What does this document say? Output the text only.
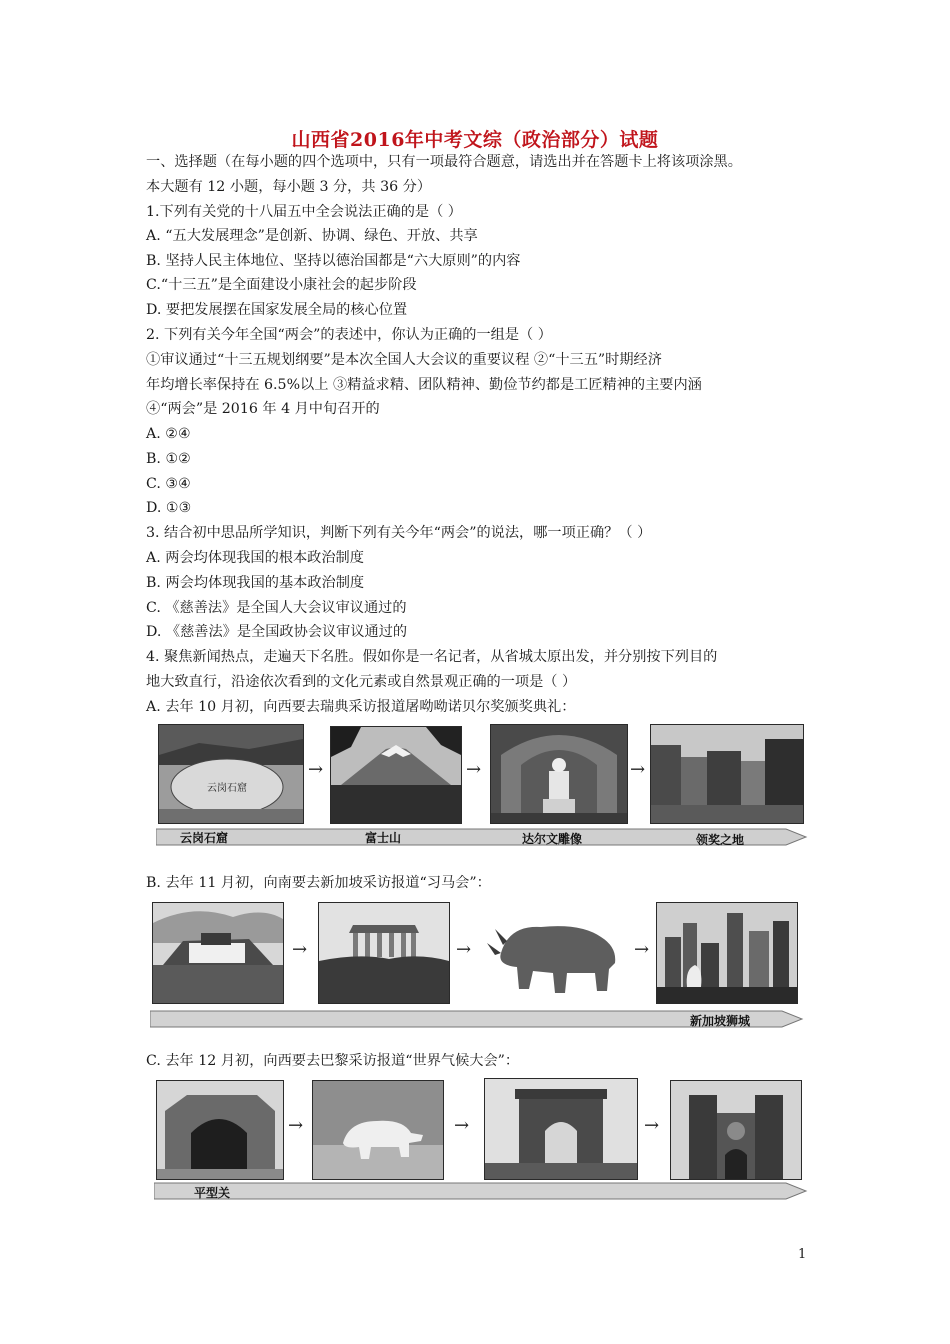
山西省2016年中考文综（政治部分）试题
一、选择题（在每小题的四个选项中，只有一项最符合题意，请选出并在答题卡上将该项涂黑。
本大题有 12 小题，每小题 3 分，共 36 分）
1.下列有关党的十八届五中全会说法正确的是（ ）
A. “五大发展理念”是创新、协调、绿色、开放、共享
B. 坚持人民主体地位、坚持以德治国都是“六大原则”的内容
C.“十三五”是全面建设小康社会的起步阶段
D. 要把发展摆在国家发展全局的核心位置
2. 下列有关今年全国“两会”的表述中，你认为正确的一组是（ ）
①审议通过“十三五规划纲要”是本次全国人大会议的重要议程 ②“十三五”时期经济
年均增长率保持在 6.5%以上 ③精益求精、团队精神、勤俭节约都是工匠精神的主要内涵
④“两会”是 2016 年 4 月中旬召开的
A. ②④
B. ①②
C. ③④
D. ①③
3. 结合初中思品所学知识，判断下列有关今年“两会”的说法，哪一项正确？（ ）
A. 两会均体现我国的根本政治制度
B. 两会均体现我国的基本政治制度
C. 《慈善法》是全国人大会议审议通过的
D. 《慈善法》是全国政协会议审议通过的
4. 聚焦新闻热点，走遍天下名胜。假如你是一名记者，从省城太原出发，并分别按下列目的
地大致直行，沿途依次看到的文化元素或自然景观正确的一项是（ ）
A. 去年 10 月初，向西要去瑞典采访报道屠呦呦诺贝尔奖颁奖典礼：
云岗石窟
→	→	→
云岗石窟	富士山	达尔文雕像	领奖之地
B. 去年 11 月初，向南要去新加坡采访报道“习马会”：
→	→	→
新加坡狮城
C. 去年 12 月初，向西要去巴黎采访报道“世界气候大会”：
→	→	→
平型关
1
